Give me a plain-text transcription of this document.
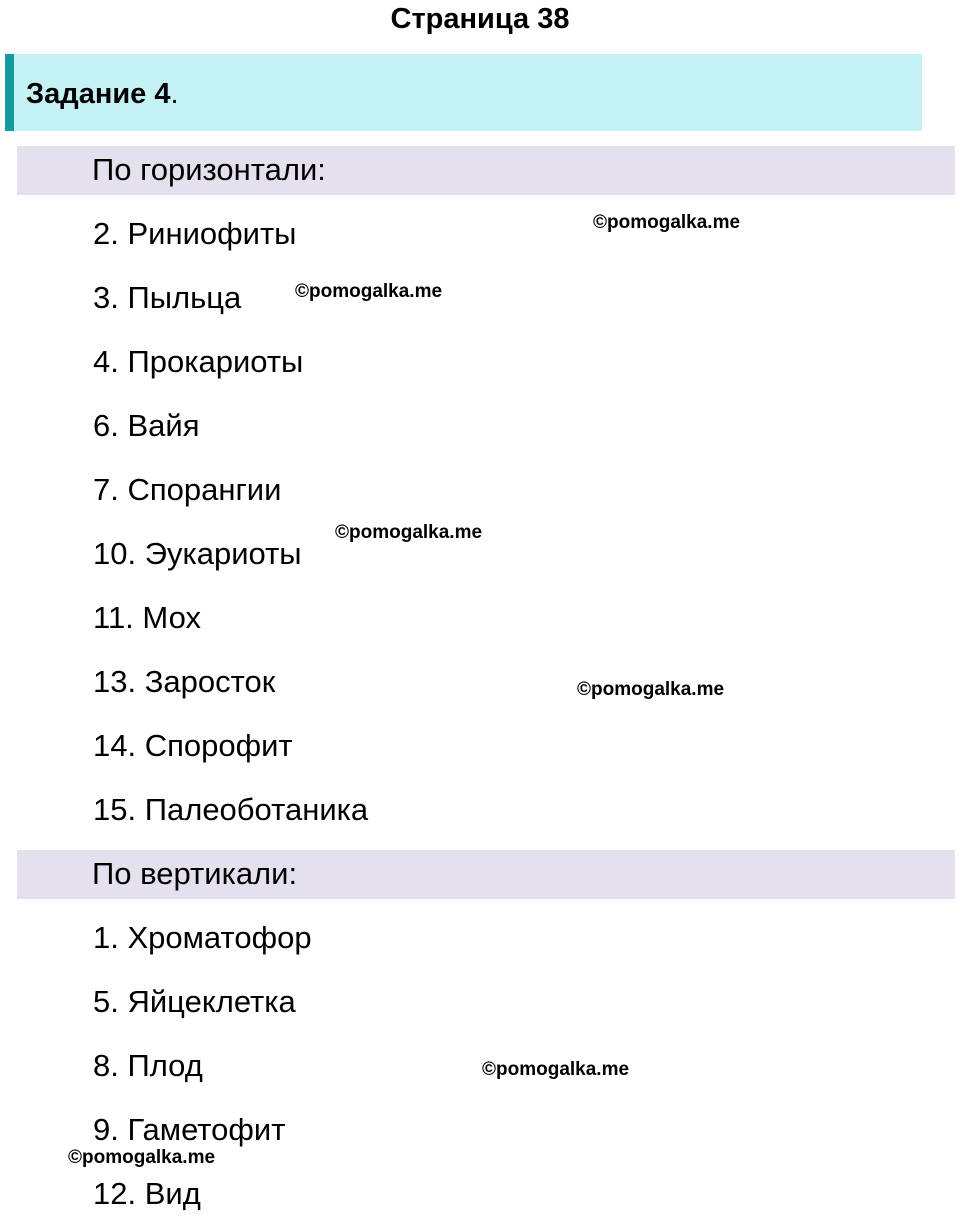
Страница 38
Задание 4.
По горизонтали:
2. Риниофиты
3. Пыльца
4. Прокариоты
6. Вайя
7. Спорангии
10. Эукариоты
11. Мох
13. Заросток
14. Спорофит
15. Палеоботаника
По вертикали:
1. Хроматофор
5. Яйцеклетка
8. Плод
9. Гаметофит
12. Вид
©pomogalka.me
©pomogalka.me
©pomogalka.me
©pomogalka.me
©pomogalka.me
©pomogalka.me
